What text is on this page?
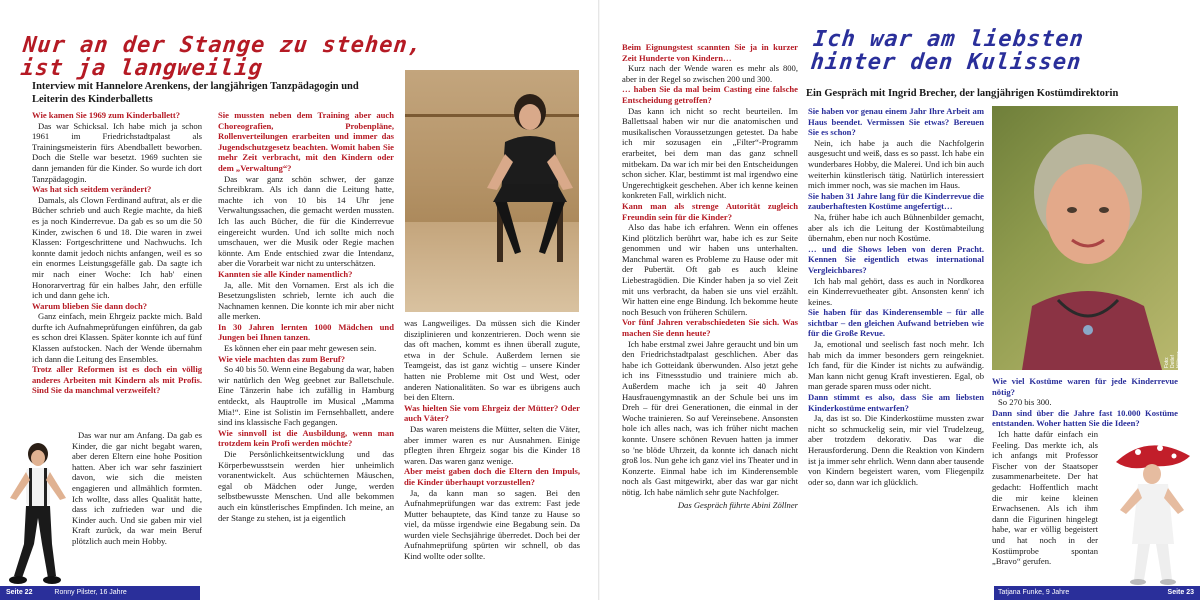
Nur an der Stange zu stehen,
ist ja langweilig
Interview mit Hannelore Arenkens, der langjährigen Tanzpädagogin und Leiterin des Kinderballetts
Wie kamen Sie 1969 zum Kinderballett?

Das war Schicksal. Ich habe mich ja schon 1961 im Friedrichstadtpalast als Trainingsmeisterin fürs Abendballett beworben. Doch die Stelle war besetzt. 1969 suchten sie dann jemanden für die Kinder. So wurde ich dort Tanzpädagogin.

Was hat sich seitdem verändert?

Damals, als Clown Ferdinand auftrat, als er die Bücher schrieb und auch Regie machte, da hieß es ja noch Kinderrevue. Da gab es so um die 50 Kinder, zwischen 6 und 18. Die waren in zwei Klassen: Fortgeschrittene und Nachwuchs. Ich konnte damit jedoch nichts anfangen, weil es so ein enormes Leistungsgefälle gab. Da sagte ich mir nach einer Woche: Ich hab' einen Honorarvertrag für ein halbes Jahr, den erfülle ich und dann gehe ich.

Warum blieben Sie dann doch?

Ganz einfach, mein Ehrgeiz packte mich. Bald durfte ich Aufnahmeprüfungen einführen, da gab es schon drei Klassen. Später konnte ich auf fünf Klassen aufstocken. Nach der Wende übernahm ich dann die Leitung des Ensembles.

Trotz aller Reformen ist es doch ein völlig anderes Arbeiten mit Kindern als mit Profis. Sind Sie da manchmal verzweifelt?

Das war nur am Anfang. Da gab es Kinder, die gar nicht begabt waren, aber deren Eltern eine hohe Position hatten. Aber ich war sehr fasziniert davon, wie sich die meisten engagieren und allmählich formten. Ich wollte, dass alles Qualität hatte, dass ich zufrieden war und die Kinder auch. Und sie gaben mir viel Kraft zurück, da war mein Beruf plötzlich auch mein Hobby.

Sie mussten neben dem Training aber auch Choreografien, Probenpläne, Rollenverteilungen erarbeiten und immer das Jugendschutzgesetz beachten. Womit haben Sie mehr Zeit verbracht, mit den Kindern oder dem „Verwaltung“?

Das war ganz schön schwer, der ganze Schreibkram. Als ich dann die Leitung hatte, machte ich von 10 bis 14 Uhr jene Verwaltungssachen, die gemacht werden mussten. Ich las auch Bücher, die für die Kinderrevue eingereicht wurden. Und ich sollte mich noch umschauen, wer die Musik oder Regie machen könnte. Am Ende entschied zwar die Intendanz, aber die Vorarbeit war nicht zu unterschätzen.

Kannten sie alle Kinder namentlich?

Ja, alle. Mit den Vornamen. Erst als ich die Besetzungslisten schrieb, lernte ich auch die Nachnamen kennen. Die konnte ich mir aber nicht alle merken.

In 30 Jahren lernten 1000 Mädchen und Jungen bei Ihnen tanzen.

Es können eher ein paar mehr gewesen sein.

Wie viele machten das zum Beruf?

So 40 bis 50. Wenn eine Begabung da war, haben wir natürlich den Weg geebnet zur Balletschule. Eine Tänzerin habe ich zufällig in Hamburg entdeckt, als Hauptrolle im Musical „Mamma Mia!“. Eine ist Solistin im Fernsehballett, andere sind ins klassische Fach gegangen.

Wie sinnvoll ist die Ausbildung, wenn man trotzdem kein Profi werden möchte?

Die Persönlichkeitsentwicklung und das Körperbewusstsein werden hier unheimlich voranentwickelt. Aus schüchternen Mäuschen, egal ob Mädchen oder Junge, werden selbstbewusste Menschen. Und alle bekommen auch ein künstlerisches Empfinden. Ich meine, an der Stange zu stehen, ist ja eigentlich

was Langweiliges. Da müssen sich die Kinder disziplinieren und konzentrieren. Doch wenn sie das oft machen, kommt es ihnen überall zugute, etwa in der Schule. Außerdem lernen sie Teamgeist, das ist ganz wichtig – unsere Kinder hatten nie Probleme mit Ost und West, oder anderen Nationalitäten. So war es übrigens auch bei den Eltern.
Was hielten Sie vom Ehrgeiz der Mütter? Oder auch Väter?

Das waren meistens die Mütter, selten die Väter, aber immer waren es nur Ausnahmen. Einige pflegten ihren Ehrgeiz sogar bis die Kinder 18 waren. Das waren ganz wenige.

Aber meist gaben doch die Eltern den Impuls, die Kinder überhaupt vorzustellen?

Ja, da kann man so sagen. Bei den Aufnahmeprüfungen war das extrem: Fast jede Mutter behauptete, das Kind tanze zu Hause so viel, da müsse irgendwie eine Begabung sein. Da wurden viele Sechsjährige überredet. Doch bei der Aufnahmeprüfung spürten wir schnell, ob das Kind wollte oder sollte.

Seite 22	Ronny Pilster, 16 Jahre
Ich war am liebsten
hinter den Kulissen
Ein Gespräch mit Ingrid Brecher, der langjährigen Kostümdirektorin
Beim Eignungstest scannten Sie ja in kurzer Zeit Hunderte von Kindern…

Kurz nach der Wende waren es mehr als 800, aber in der Regel so zwischen 200 und 300.

… haben Sie da mal beim Casting eine falsche Entscheidung getroffen?

Das kann ich nicht so recht beurteilen. Im Ballettsaal haben wir nur die anatomischen und musikalischen Voraussetzungen getestet. Da habe ich mir sozusagen ein „Filter“-Programm erarbeitet, bei dem man das ganz schnell mitbekam. Da war ich mir bei den Entscheidungen schon sicher. Klar, bestimmt ist mal irgendwo eine Ungerechtigkeit geschehen. Aber ich kenne keinen konkreten Fall, wirklich nicht.

Kann man als strenge Autorität zugleich Freundin sein für die Kinder?

Also das habe ich erfahren. Wenn ein offenes Kind plötzlich berührt war, habe ich es zur Seite genommen und wir haben uns unterhalten. Manchmal waren es Probleme zu Hause oder mit der Pubertät. Oft gab es auch kleine Liebestragödien. Die Kinder haben ja so viel Zeit mit uns verbracht, da haben sie uns viel erzählt. Wir hatten eine enge Bindung. Ich bekomme heute noch Besuch von früheren Schülern.

Vor fünf Jahren verabschiedeten Sie sich. Was machen Sie denn heute?

Ich habe erstmal zwei Jahre geraucht und bin um den Friedrichstadtpalast geschlichen. Aber das habe ich Gotteidank überwunden. Also jetzt gehe ich ins Fitnessstudio und trainiere mich ab. Außerdem mache ich ja seit 40 Jahren Hausfrauengymnastik an der Schule bei uns im Dreh – für drei Generationen, die einmal in der Woche trainieren. So auf Vereinsebene. Ansonsten hole ich alles nach, was ich früher nicht machen konnte. Unsere schönen Revuen hatten ja immer so 'ne blöde Uhrzeit, da konnte ich danach nicht groß los. Nun gehe ich ganz viel ins Theater und in Konzerte. Einmal habe ich im Kinderensemble noch als Gast mitgewirkt, aber das war gar nicht nötig. Ich habe nämlich sehr gute Nachfolger.

Das Gespräch führte Abini Zöllner
Sie haben vor genau einem Jahr Ihre Arbeit am Haus beendet. Vermissen Sie etwas? Bereuen Sie es schon?

Nein, ich habe ja auch die Nachfolgerin ausgesucht und weiß, dass es so passt. Ich habe ein wunderbares Hobby, die Malerei. Und ich bin auch weiterhin künstlerisch tätig. Natürlich interessiert mich immer noch, was sie machen im Haus.

Sie haben 31 Jahre lang für die Kinderrevue die zauberhaftesten Kostüme angefertigt…

Na, früher habe ich auch Bühnenbilder gemacht, aber als ich die Leitung der Kostümabteilung übernahm, eben nur noch Kostüme.

… und die Shows leben von deren Pracht. Kennen Sie eigentlich etwas international Vergleichbares?

Ich hab mal gehört, dass es auch in Nordkorea ein Kinderrevuetheater gibt. Ansonsten kenn' ich keines.

Sie haben für das Kinderensemble – für alle sichtbar – den gleichen Aufwand betrieben wie für die Große Revue.

Ja, emotional und seelisch fast noch mehr. Ich hab mich da immer besonders gern reingekniet. Ich fand, für die Kinder ist nichts zu aufwändig. Man kann nicht genug Kraft investieren. Egal, ob man gerade sparen muss oder nicht.

Dann stimmt es also, dass Sie am liebsten Kinderkostüme entwarfen?

Ja, das ist so. Die Kinderkostüme mussten zwar nicht so schmuckelig sein, mir viel Trudelzeug, aber trotzdem dekorativ. Das war die Herausforderung. Denn die Reaktion von Kindern ist ja immer sehr ehrlich. Wenn dann aber tausende von Kindern begeistert waren, vom Fliegenpilz oder so, dann war ich glücklich.

Foto: Detlef Hübner
Wie viel Kostüme waren für jede Kinderrevue nötig?

So 270 bis 300.

Dann sind über die Jahre fast 10.000 Kostüme entstanden. Woher hatten Sie die Ideen?

Ich hatte dafür einfach ein Feeling. Das merkte ich, als ich anfangs mit Professor Fischer von der Staatsoper zusammenarbeitete. Der hat gedacht: Hoffentlich macht die mir keine kleinen Erwachsenen. Als ich ihm dann die Figurinen hingelegt habe, war er völlig begeistert und hat noch in der Kostümprobe spontan „Bravo“ gerufen.

Tatjana Funke, 9 Jahre	Seite 23
